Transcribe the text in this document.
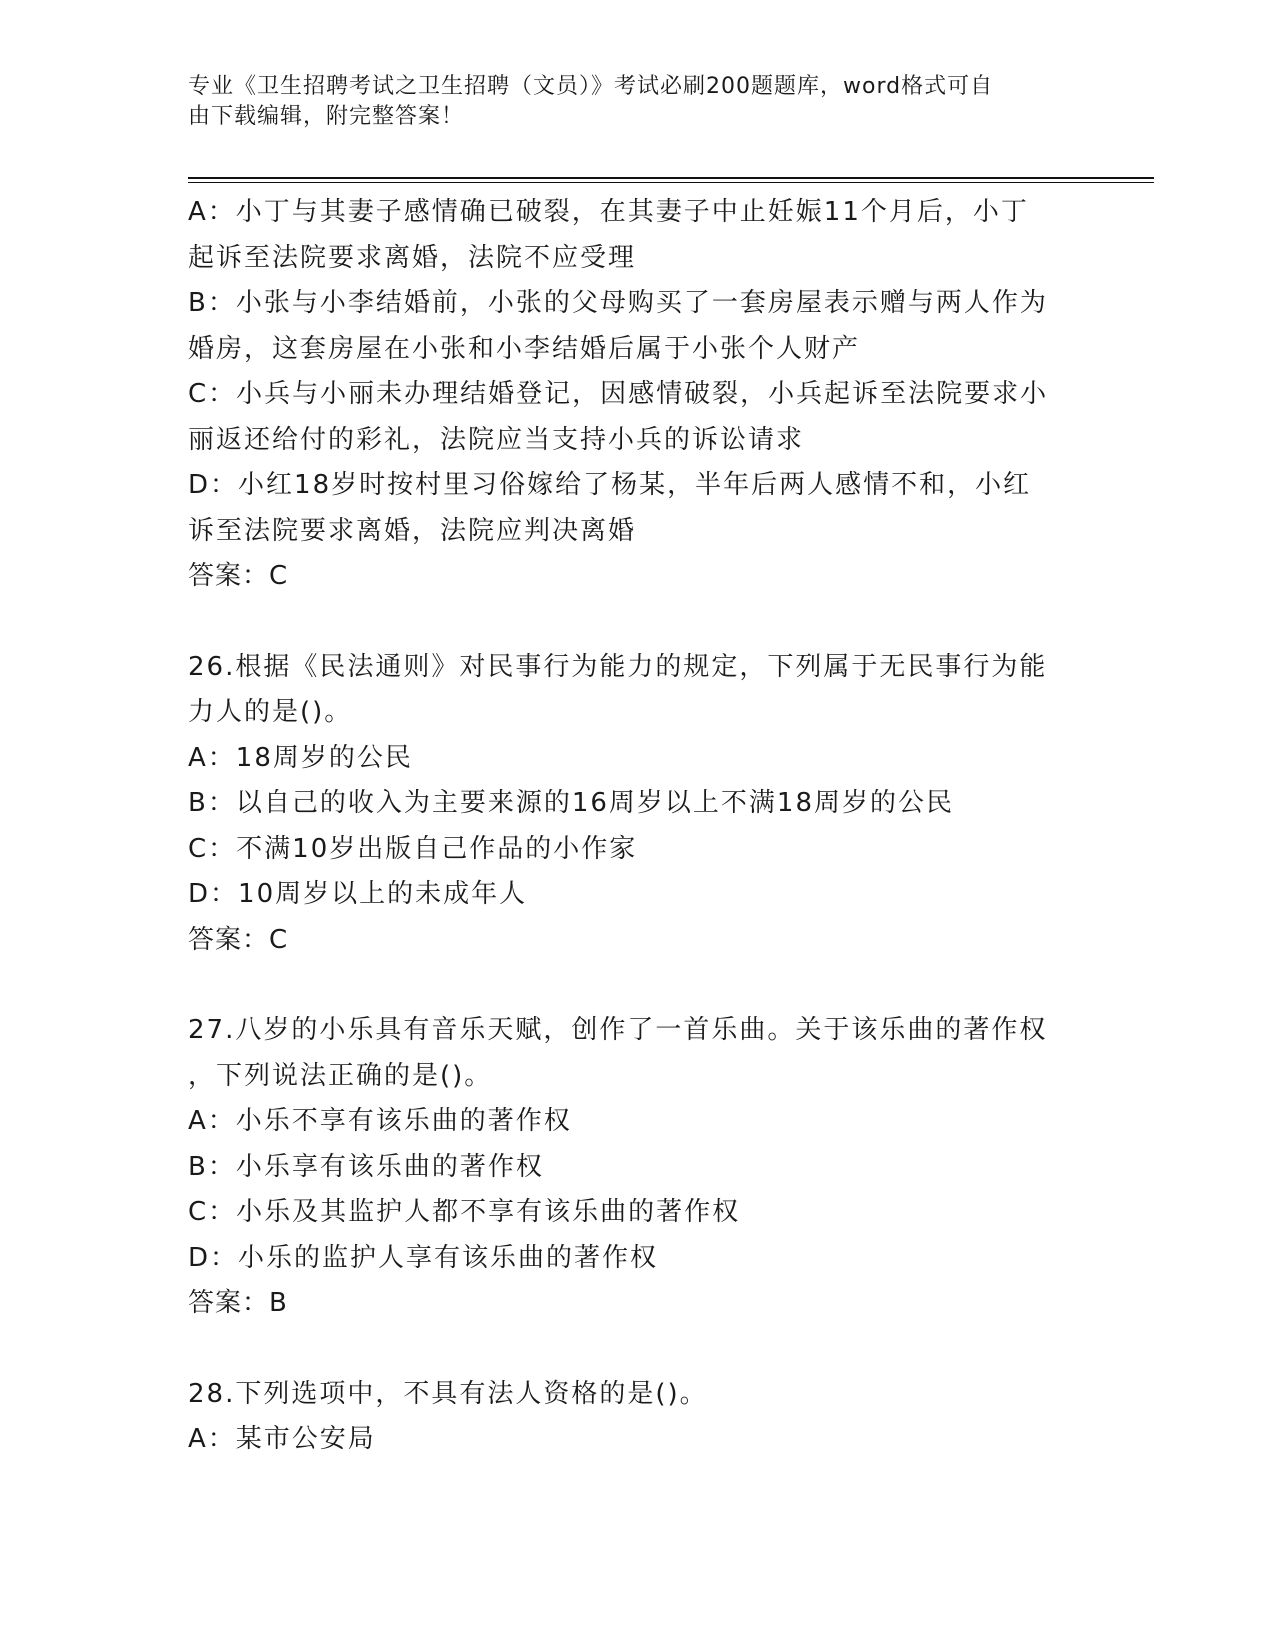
专业《卫生招聘考试之卫生招聘（文员）》考试必刷200题题库，word格式可自
由下载编辑，附完整答案！
A：小丁与其妻子感情确已破裂，在其妻子中止妊娠11个月后，小丁
起诉至法院要求离婚，法院不应受理
B：小张与小李结婚前，小张的父母购买了一套房屋表示赠与两人作为
婚房，这套房屋在小张和小李结婚后属于小张个人财产
C：小兵与小丽未办理结婚登记，因感情破裂，小兵起诉至法院要求小
丽返还给付的彩礼，法院应当支持小兵的诉讼请求
D：小红18岁时按村里习俗嫁给了杨某，半年后两人感情不和，小红
诉至法院要求离婚，法院应判决离婚
答案：C
26.根据《民法通则》对民事行为能力的规定，下列属于无民事行为能
力人的是()。
A：18周岁的公民
B：以自己的收入为主要来源的16周岁以上不满18周岁的公民
C：不满10岁出版自己作品的小作家
D：10周岁以上的未成年人
答案：C
27.八岁的小乐具有音乐天赋，创作了一首乐曲。关于该乐曲的著作权
，下列说法正确的是()。
A：小乐不享有该乐曲的著作权
B：小乐享有该乐曲的著作权
C：小乐及其监护人都不享有该乐曲的著作权
D：小乐的监护人享有该乐曲的著作权
答案：B
28.下列选项中，不具有法人资格的是()。
A：某市公安局
